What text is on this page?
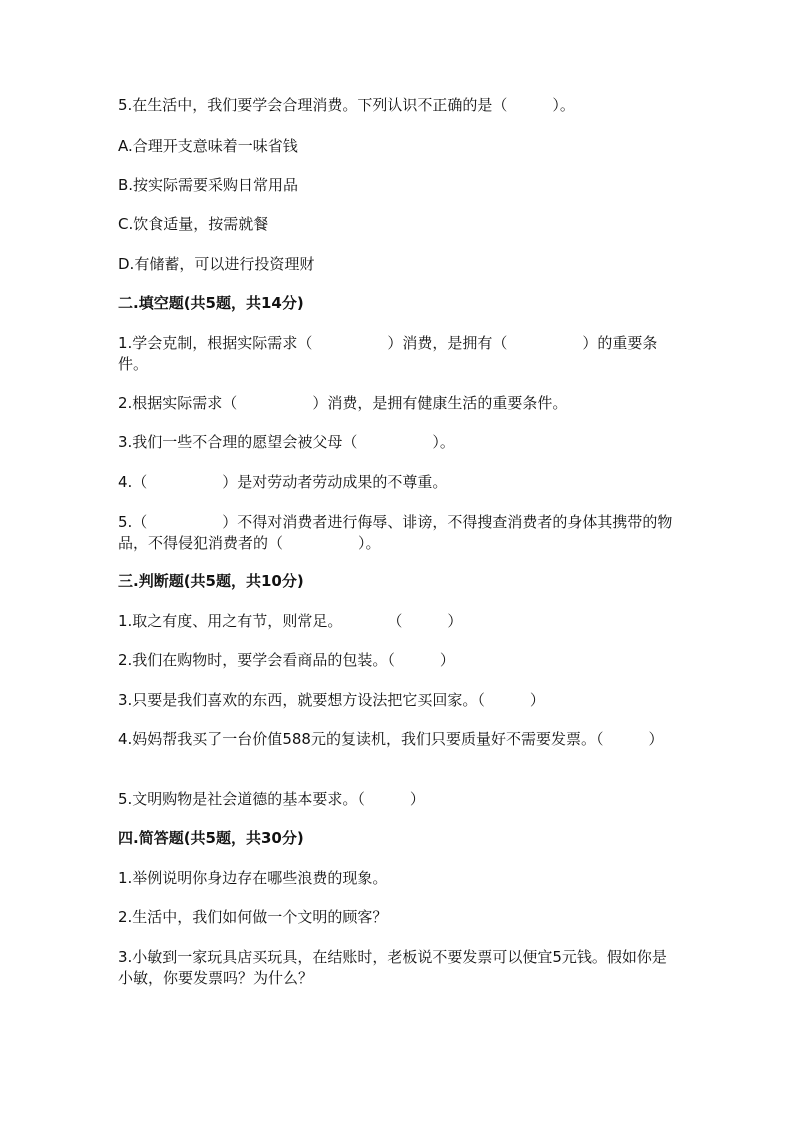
5.在生活中，我们要学会合理消费。下列认识不正确的是（　　　）。
A.合理开支意味着一味省钱
B.按实际需要采购日常用品
C.饮食适量，按需就餐
D.有储蓄，可以进行投资理财
二.填空题(共5题，共14分)
1.学会克制，根据实际需求（　　　　　）消费，是拥有（　　　　　）的重要条件。
2.根据实际需求（　　　　　）消费，是拥有健康生活的重要条件。
3.我们一些不合理的愿望会被父母（　　　　　）。
4.（　　　　　）是对劳动者劳动成果的不尊重。
5.（　　　　　）不得对消费者进行侮辱、诽谤，不得搜查消费者的身体其携带的物品，不得侵犯消费者的（　　　　　）。
三.判断题(共5题，共10分)
1.取之有度、用之有节，则常足。　　　　（　　　）
2.我们在购物时，要学会看商品的包装。（　　　）
3.只要是我们喜欢的东西，就要想方设法把它买回家。（　　　）
4.妈妈帮我买了一台价值588元的复读机，我们只要质量好不需要发票。（　　　）
5.文明购物是社会道德的基本要求。（　　　）
四.简答题(共5题，共30分)
1.举例说明你身边存在哪些浪费的现象。
2.生活中，我们如何做一个文明的顾客？
3.小敏到一家玩具店买玩具，在结账时，老板说不要发票可以便宜5元钱。假如你是小敏，你要发票吗？为什么？
